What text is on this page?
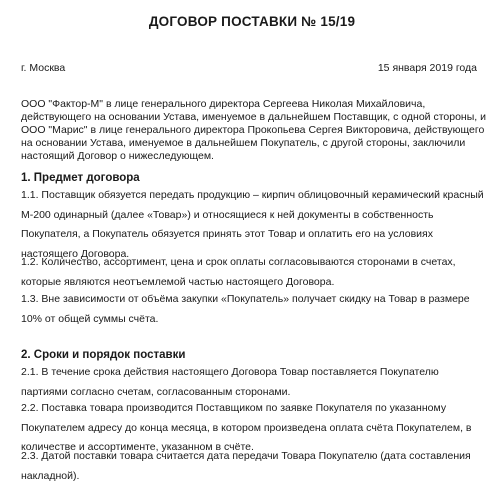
ДОГОВОР ПОСТАВКИ № 15/19
г. Москва	15 января 2019 года

ООО "Фактор-М" в лице генерального директора Сергеева Николая Михайловича,
действующего на основании Устава, именуемое в дальнейшем Поставщик, с одной стороны, и
ООО "Марис" в лице генерального директора Прокопьева Сергея Викторовича, действующего
на основании Устава, именуемое в дальнейшем Покупатель, с другой стороны, заключили
настоящий Договор о нижеследующем.

1. Предмет договора

1.1. Поставщик обязуется передать продукцию – кирпич облицовочный керамический красный
М-200 одинарный (далее «Товар») и относящиеся к ней документы в собственность
Покупателя, а Покупатель обязуется принять этот Товар и оплатить его на условиях
настоящего Договора.

1.2. Количество, ассортимент, цена и срок оплаты согласовываются сторонами в счетах,
которые являются неотъемлемой частью настоящего Договора.

1.3. Вне зависимости от объёма закупки «Покупатель» получает скидку на Товар в размере
10% от общей суммы счёта.

2. Сроки и порядок поставки

2.1. В течение срока действия настоящего Договора Товар поставляется Покупателю
партиями согласно счетам, согласованным сторонами.

2.2. Поставка товара производится Поставщиком по заявке Покупателя по указанному
Покупателем адресу до конца месяца, в котором произведена оплата счёта Покупателем, в
количестве и ассортименте, указанном в счёте.

2.3. Датой поставки товара считается дата передачи Товара Покупателю (дата составления
накладной).
